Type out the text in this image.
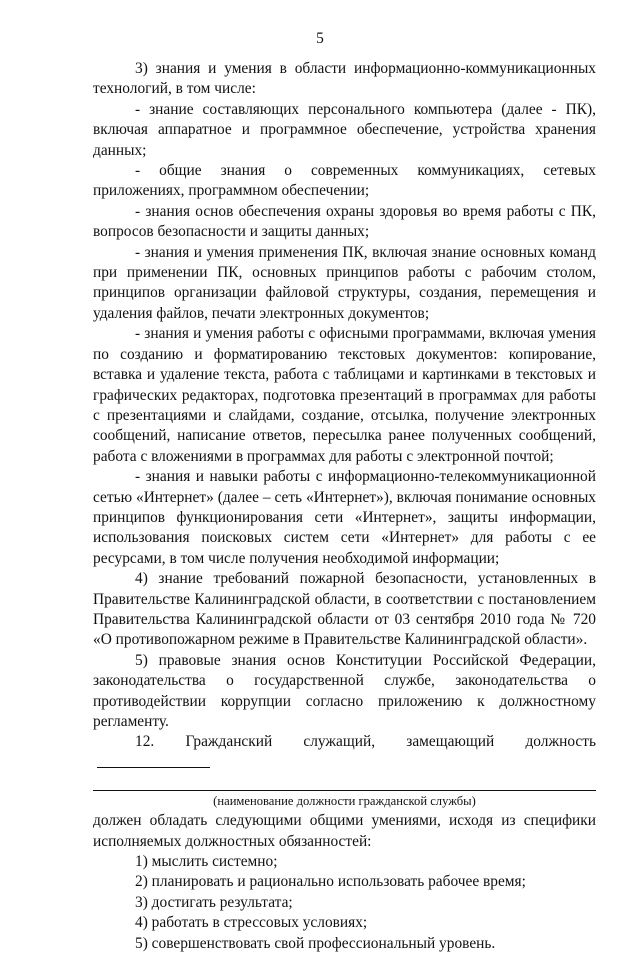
5

3) знания и умения в области информационно-коммуникационных технологий, в том числе:

- знание составляющих персонального компьютера (далее - ПК), включая аппаратное и программное обеспечение, устройства хранения данных;

- общие знания о современных коммуникациях, сетевых приложениях, программном обеспечении;

- знания основ обеспечения охраны здоровья во время работы с ПК, вопросов безопасности и защиты данных;

- знания и умения применения ПК, включая знание основных команд при применении ПК, основных принципов работы с рабочим столом, принципов организации файловой структуры, создания, перемещения и удаления файлов, печати электронных документов;

- знания и умения работы с офисными программами, включая умения по созданию и форматированию текстовых документов: копирование, вставка и удаление текста, работа с таблицами и картинками в текстовых и графических редакторах, подготовка презентаций в программах для работы с презентациями и слайдами, создание, отсылка, получение электронных сообщений, написание ответов, пересылка ранее полученных сообщений, работа с вложениями в программах для работы с электронной почтой;

- знания и навыки работы с информационно-телекоммуникационной сетью «Интернет» (далее – сеть «Интернет»), включая понимание основных принципов функционирования сети «Интернет», защиты информации, использования поисковых систем сети «Интернет» для работы с ее ресурсами, в том числе получения необходимой информации;

4) знание требований пожарной безопасности, установленных в Правительстве Калининградской области, в соответствии с постановлением Правительства Калининградской области от 03 сентября 2010 года № 720 «О противопожарном режиме в Правительстве Калининградской области».

5) правовые знания основ Конституции Российской Федерации, законодательства о государственной службе, законодательства о противодействии коррупции согласно приложению к должностному регламенту.

12. Гражданский служащий, замещающий должность

(наименование должности гражданской службы)

должен обладать следующими общими умениями, исходя из специфики исполняемых должностных обязанностей:

1) мыслить системно;

2) планировать и рационально использовать рабочее время;

3) достигать результата;

4) работать в стрессовых условиях;

5) совершенствовать свой профессиональный уровень.
